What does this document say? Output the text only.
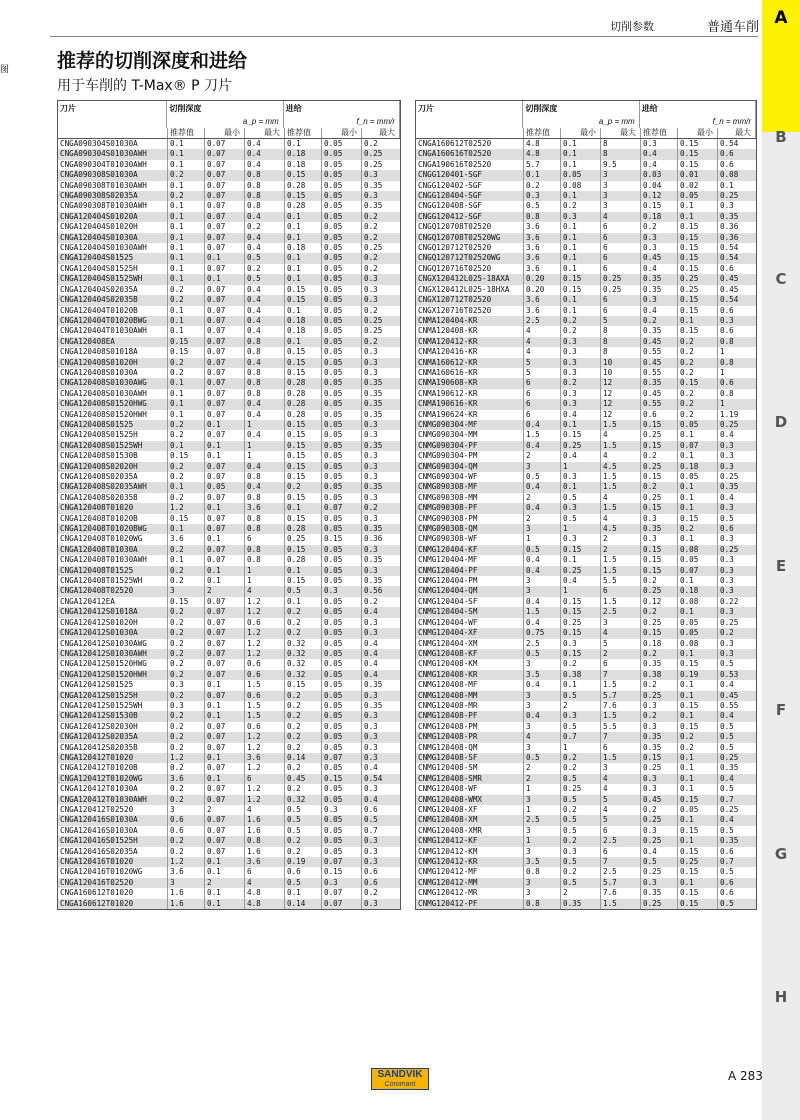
切削参数	普通车削
图	推荐的切削深度和进给
用于车削的 T-Max® P 刀片
A
B
C
D
E
F
G
H
刀片	切削深度	进给
a_p = mm	f_n = mm/r
推荐值	最小	最大 推荐值	最小	最大
CNGA090304S01030A	0.1	0.07	0.4	0.1	0.05	0.2
CNGA090304S01030AWH	0.1	0.07	0.4	0.18	0.05	0.25
CNGA090304T01030AWH	0.1	0.07	0.4	0.18	0.05	0.25
CNGA090308S01030A	0.2	0.07	0.8	0.15	0.05	0.3
CNGA090308T01030AWH	0.1	0.07	0.8	0.28	0.05	0.35
CNGA090308S02035A	0.2	0.07	0.8	0.15	0.05	0.3
CNGA090308T01030AWH	0.1	0.07	0.8	0.28	0.05	0.35
CNGA120404S01020A	0.1	0.07	0.4	0.1	0.05	0.2
CNGA120404S01020H	0.1	0.07	0.2	0.1	0.05	0.2
CNGA120404S01030A	0.1	0.07	0.4	0.1	0.05	0.2
CNGA120404S01030AWH	0.1	0.07	0.4	0.18	0.05	0.25
CNGA120404S01525	0.1	0.1	0.5	0.1	0.05	0.2
CNGA120404S01525H	0.1	0.07	0.2	0.1	0.05	0.2
CNGA120404S01525WH	0.1	0.1	0.5	0.1	0.05	0.3
CNGA120404S02035A	0.2	0.07	0.4	0.15	0.05	0.3
CNGA120404S02035B	0.2	0.07	0.4	0.15	0.05	0.3
CNGA120404T01020B	0.1	0.07	0.4	0.1	0.05	0.2
CNGA120404T01020BWG	0.1	0.07	0.4	0.18	0.05	0.25
CNGA120404T01030AWH	0.1	0.07	0.4	0.18	0.05	0.25
CNGA120408EA	0.15	0.07	0.8	0.1	0.05	0.2
CNGA120408S01018A	0.15	0.07	0.8	0.15	0.05	0.3
CNGA120408S01020H	0.2	0.07	0.4	0.15	0.05	0.3
CNGA120408S01030A	0.2	0.07	0.8	0.15	0.05	0.3
CNGA120408S01030AWG	0.1	0.07	0.8	0.28	0.05	0.35
CNGA120408S01030AWH	0.1	0.07	0.8	0.28	0.05	0.35
CNGA120408S01520HWG	0.1	0.07	0.4	0.28	0.05	0.35
CNGA120408S01520HWH	0.1	0.07	0.4	0.28	0.05	0.35
CNGA120408S01525	0.2	0.1	1	0.15	0.05	0.3
CNGA120408S01525H	0.2	0.07	0.4	0.15	0.05	0.3
CNGA120408S01525WH	0.1	0.1	1	0.15	0.05	0.35
CNGA120408S01530B	0.15	0.1	1	0.15	0.05	0.3
CNGA120408S02020H	0.2	0.07	0.4	0.15	0.05	0.3
CNGA120408S02035A	0.2	0.07	0.8	0.15	0.05	0.3
CNGA120408S02035AWH	0.1	0.05	0.4	0.2	0.05	0.35
CNGA120408S02035B	0.2	0.07	0.8	0.15	0.05	0.3
CNGA120408T01020	1.2	0.1	3.6	0.1	0.07	0.2
CNGA120408T01020B	0.15	0.07	0.8	0.15	0.05	0.3
CNGA120408T01020BWG	0.1	0.07	0.8	0.28	0.05	0.35
CNGA120408T01020WG	3.6	0.1	6	0.25	0.15	0.36
CNGA120408T01030A	0.2	0.07	0.8	0.15	0.05	0.3
CNGA120408T01030AWH	0.1	0.07	0.8	0.28	0.05	0.35
CNGA120408T01525	0.2	0.1	1	0.1	0.05	0.3
CNGA120408T01525WH	0.2	0.1	1	0.15	0.05	0.35
CNGA120408T02520	3	2	4	0.5	0.3	0.56
CNGA120412EA	0.15	0.07	1.2	0.1	0.05	0.2
CNGA120412S01018A	0.2	0.07	1.2	0.2	0.05	0.4
CNGA120412S01020H	0.2	0.07	0.6	0.2	0.05	0.3
CNGA120412S01030A	0.2	0.07	1.2	0.2	0.05	0.3
CNGA120412S01030AWG	0.2	0.07	1.2	0.32	0.05	0.4
CNGA120412S01030AWH	0.2	0.07	1.2	0.32	0.05	0.4
CNGA120412S01520HWG	0.2	0.07	0.6	0.32	0.05	0.4
CNGA120412S01520HWH	0.2	0.07	0.6	0.32	0.05	0.4
CNGA120412S01525	0.3	0.1	1.5	0.15	0.05	0.35
CNGA120412S01525H	0.2	0.07	0.6	0.2	0.05	0.3
CNGA120412S01525WH	0.3	0.1	1.5	0.2	0.05	0.35
CNGA120412S01530B	0.2	0.1	1.5	0.2	0.05	0.3
CNGA120412S02030H	0.2	0.07	0.6	0.2	0.05	0.3
CNGA120412S02035A	0.2	0.07	1.2	0.2	0.05	0.3
CNGA120412S02035B	0.2	0.07	1.2	0.2	0.05	0.3
CNGA120412T01020	1.2	0.1	3.6	0.14	0.07	0.3
CNGA120412T01020B	0.2	0.07	1.2	0.2	0.05	0.4
CNGA120412T01020WG	3.6	0.1	6	0.45	0.15	0.54
CNGA120412T01030A	0.2	0.07	1.2	0.2	0.05	0.3
CNGA120412T01030AWH	0.2	0.07	1.2	0.32	0.05	0.4
CNGA120412T02520	3	2	4	0.5	0.3	0.6
CNGA120416S01030A	0.6	0.07	1.6	0.5	0.05	0.5
CNGA120416S01030A	0.6	0.07	1.6	0.5	0.05	0.7
CNGA120416S01525H	0.2	0.07	0.8	0.2	0.05	0.3
CNGA120416S02035A	0.2	0.07	1.6	0.2	0.05	0.3
CNGA120416T01020	1.2	0.1	3.6	0.19	0.07	0.3
CNGA120416T01020WG	3.6	0.1	6	0.6	0.15	0.6
CNGA120416T02520	3	2	4	0.5	0.3	0.6
CNGA160612T01020	1.6	0.1	4.8	0.1	0.07	0.2
CNGA160612T01020	1.6	0.1	4.8	0.14	0.07	0.3
刀片	切削深度	进给
a_p = mm	f_n = mm/r
推荐值	最小	最大 推荐值	最小	最大
CNGA160612T02520	4.8	0.1	8	0.3	0.15	0.54
CNGA160616T02520	4.8	0.1	8	0.4	0.15	0.6
CNGA190616T02520	5.7	0.1	9.5	0.4	0.15	0.6
CNGG120401-SGF	0.1	0.05	3	0.03	0.01	0.08
CNGG120402-SGF	0.2	0.08	3	0.04	0.02	0.1
CNGG120404-SGF	0.3	0.1	3	0.12	0.05	0.25
CNGG120408-SGF	0.5	0.2	3	0.15	0.1	0.3
CNGG120412-SGF	0.8	0.3	4	0.18	0.1	0.35
CNGQ120708T02520	3.6	0.1	6	0.2	0.15	0.36
CNGQ120708T02520WG	3.6	0.1	6	0.3	0.15	0.36
CNGQ120712T02520	3.6	0.1	6	0.3	0.15	0.54
CNGQ120712T02520WG	3.6	0.1	6	0.45	0.15	0.54
CNGQ120716T02520	3.6	0.1	6	0.4	0.15	0.6
CNGX120412L025-18AXA	0.20	0.15	0.25	0.35	0.25	0.45
CNGX120412L025-18HXA	0.20	0.15	0.25	0.35	0.25	0.45
CNGX120712T02520	3.6	0.1	6	0.3	0.15	0.54
CNGX120716T02520	3.6	0.1	6	0.4	0.15	0.6
CNMA120404-KR	2.5	0.2	5	0.2	0.1	0.3
CNMA120408-KR	4	0.2	8	0.35	0.15	0.6
CNMA120412-KR	4	0.3	8	0.45	0.2	0.8
CNMA120416-KR	4	0.3	8	0.55	0.2	1
CNMA160612-KR	5	0.3	10	0.45	0.2	0.8
CNMA160616-KR	5	0.3	10	0.55	0.2	1
CNMA190608-KR	6	0.2	12	0.35	0.15	0.6
CNMA190612-KR	6	0.3	12	0.45	0.2	0.8
CNMA190616-KR	6	0.3	12	0.55	0.2	1
CNMA190624-KR	6	0.4	12	0.6	0.2	1.19
CNMG090304-MF	0.4	0.1	1.5	0.15	0.05	0.25
CNMG090304-MM	1.5	0.15	4	0.25	0.1	0.4
CNMG090304-PF	0.4	0.25	1.5	0.15	0.07	0.3
CNMG090304-PM	2	0.4	4	0.2	0.1	0.3
CNMG090304-QM	3	1	4.5	0.25	0.18	0.3
CNMG090304-WF	0.5	0.3	1.5	0.15	0.05	0.25
CNMG090308-MF	0.4	0.1	1.5	0.2	0.1	0.35
CNMG090308-MM	2	0.5	4	0.25	0.1	0.4
CNMG090308-PF	0.4	0.3	1.5	0.15	0.1	0.3
CNMG090308-PM	2	0.5	4	0.3	0.15	0.5
CNMG090308-QM	3	1	4.5	0.35	0.2	0.6
CNMG090308-WF	1	0.3	2	0.3	0.1	0.3
CNMG120404-KF	0.5	0.15	2	0.15	0.08	0.25
CNMG120404-MF	0.4	0.1	1.5	0.15	0.05	0.3
CNMG120404-PF	0.4	0.25	1.5	0.15	0.07	0.3
CNMG120404-PM	3	0.4	5.5	0.2	0.1	0.3
CNMG120404-QM	3	1	6	0.25	0.18	0.3
CNMG120404-SF	0.4	0.15	1.5	0.12	0.08	0.22
CNMG120404-SM	1.5	0.15	2.5	0.2	0.1	0.3
CNMG120404-WF	0.4	0.25	3	0.25	0.05	0.25
CNMG120404-XF	0.75	0.15	4	0.15	0.05	0.2
CNMG120404-XM	2.5	0.3	5	0.18	0.08	0.3
CNMG120408-KF	0.5	0.15	2	0.2	0.1	0.3
CNMG120408-KM	3	0.2	6	0.35	0.15	0.5
CNMG120408-KR	3.5	0.38	7	0.38	0.19	0.53
CNMG120408-MF	0.4	0.1	1.5	0.2	0.1	0.4
CNMG120408-MM	3	0.5	5.7	0.25	0.1	0.45
CNMG120408-MR	3	2	7.6	0.3	0.15	0.55
CNMG120408-PF	0.4	0.3	1.5	0.2	0.1	0.4
CNMG120408-PM	3	0.5	5.5	0.3	0.15	0.5
CNMG120408-PR	4	0.7	7	0.35	0.2	0.5
CNMG120408-QM	3	1	6	0.35	0.2	0.5
CNMG120408-SF	0.5	0.2	1.5	0.15	0.1	0.25
CNMG120408-SM	2	0.2	3	0.25	0.1	0.35
CNMG120408-SMR	2	0.5	4	0.3	0.1	0.4
CNMG120408-WF	1	0.25	4	0.3	0.1	0.5
CNMG120408-WMX	3	0.5	5	0.45	0.15	0.7
CNMG120408-XF	1	0.2	4	0.2	0.05	0.25
CNMG120408-XM	2.5	0.5	5	0.25	0.1	0.4
CNMG120408-XMR	3	0.5	6	0.3	0.15	0.5
CNMG120412-KF	1	0.2	2.5	0.25	0.1	0.35
CNMG120412-KM	3	0.3	6	0.4	0.15	0.6
CNMG120412-KR	3.5	0.5	7	0.5	0.25	0.7
CNMG120412-MF	0.8	0.2	2.5	0.25	0.15	0.5
CNMG120412-MM	3	0.5	5.7	0.3	0.1	0.6
CNMG120412-MR	3	2	7.6	0.35	0.15	0.6
CNMG120412-PF	0.8	0.35	1.5	0.25	0.15	0.5
SANDVIK
Coromant
A 283
